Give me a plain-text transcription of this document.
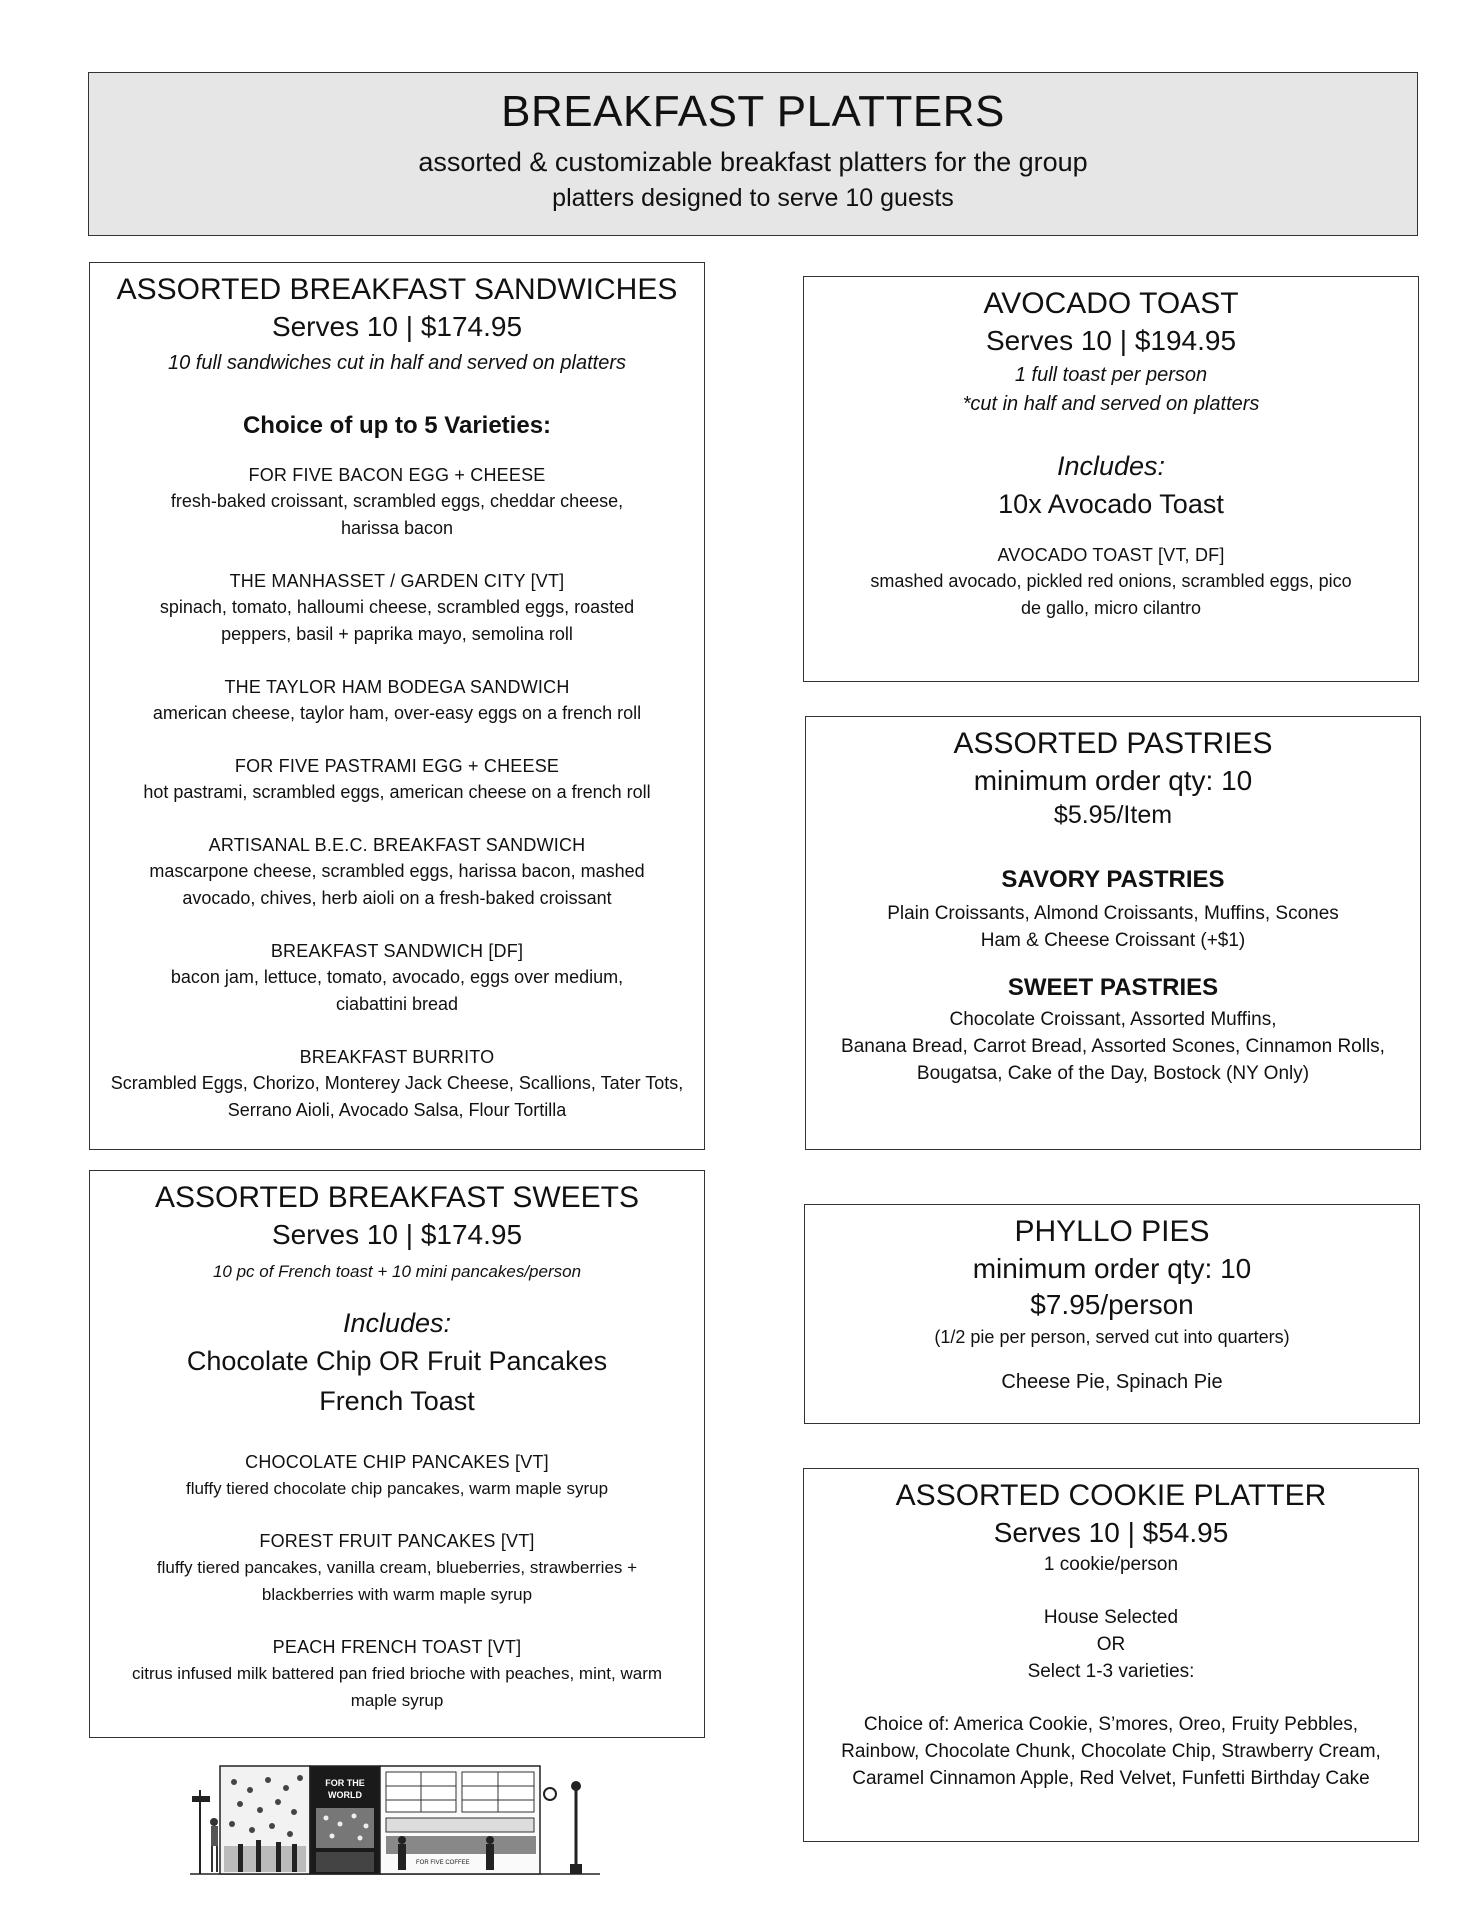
BREAKFAST PLATTERS
assorted & customizable breakfast platters for the group
platters designed to serve 10 guests
ASSORTED BREAKFAST SANDWICHES
Serves 10 | $174.95
10 full sandwiches cut in half and served on platters
Choice of up to 5 Varieties:
FOR FIVE BACON EGG + CHEESE
fresh-baked croissant, scrambled eggs, cheddar cheese, harissa bacon
THE MANHASSET / GARDEN CITY [VT]
spinach, tomato, halloumi cheese, scrambled eggs, roasted peppers, basil + paprika mayo, semolina roll
THE TAYLOR HAM BODEGA SANDWICH
american cheese, taylor ham, over-easy eggs on a french roll
FOR FIVE PASTRAMI EGG + CHEESE
hot pastrami, scrambled eggs, american cheese on a french roll
ARTISANAL B.E.C. BREAKFAST SANDWICH
mascarpone cheese, scrambled eggs, harissa bacon, mashed avocado, chives, herb aioli on a fresh-baked croissant
BREAKFAST SANDWICH [DF]
bacon jam, lettuce, tomato, avocado, eggs over medium, ciabattini bread
BREAKFAST BURRITO
Scrambled Eggs, Chorizo, Monterey Jack Cheese, Scallions, Tater Tots, Serrano Aioli, Avocado Salsa, Flour Tortilla
ASSORTED BREAKFAST SWEETS
Serves 10 | $174.95
10 pc of French toast + 10 mini pancakes/person
Includes:
Chocolate Chip OR Fruit Pancakes
French Toast
CHOCOLATE CHIP PANCAKES [VT]
fluffy tiered chocolate chip pancakes, warm maple syrup
FOREST FRUIT PANCAKES [VT]
fluffy tiered pancakes, vanilla cream, blueberries, strawberries + blackberries with warm maple syrup
PEACH FRENCH TOAST [VT]
citrus infused milk battered pan fried brioche with peaches, mint, warm maple syrup
AVOCADO TOAST
Serves 10 | $194.95
1 full toast per person
*cut in half and served on platters
Includes:
10x Avocado Toast
AVOCADO TOAST [VT, DF]
smashed avocado, pickled red onions, scrambled eggs, pico de gallo, micro cilantro
ASSORTED PASTRIES
minimum order qty: 10
$5.95/Item
SAVORY PASTRIES
Plain Croissants, Almond Croissants, Muffins, Scones
Ham & Cheese Croissant (+$1)
SWEET PASTRIES
Chocolate Croissant, Assorted Muffins,
Banana Bread, Carrot Bread, Assorted Scones, Cinnamon Rolls,
Bougatsa, Cake of the Day, Bostock (NY Only)
PHYLLO PIES
minimum order qty: 10
$7.95/person
(1/2 pie per person, served cut into quarters)
Cheese Pie, Spinach Pie
ASSORTED COOKIE PLATTER
Serves 10 | $54.95
1 cookie/person
House Selected
OR
Select 1-3 varieties:
Choice of: America Cookie, S’mores, Oreo, Fruity Pebbles, Rainbow, Chocolate Chunk, Chocolate Chip, Strawberry Cream, Caramel Cinnamon Apple, Red Velvet, Funfetti Birthday Cake
FOR THE
WORLD
FOR FIVE COFFEE
